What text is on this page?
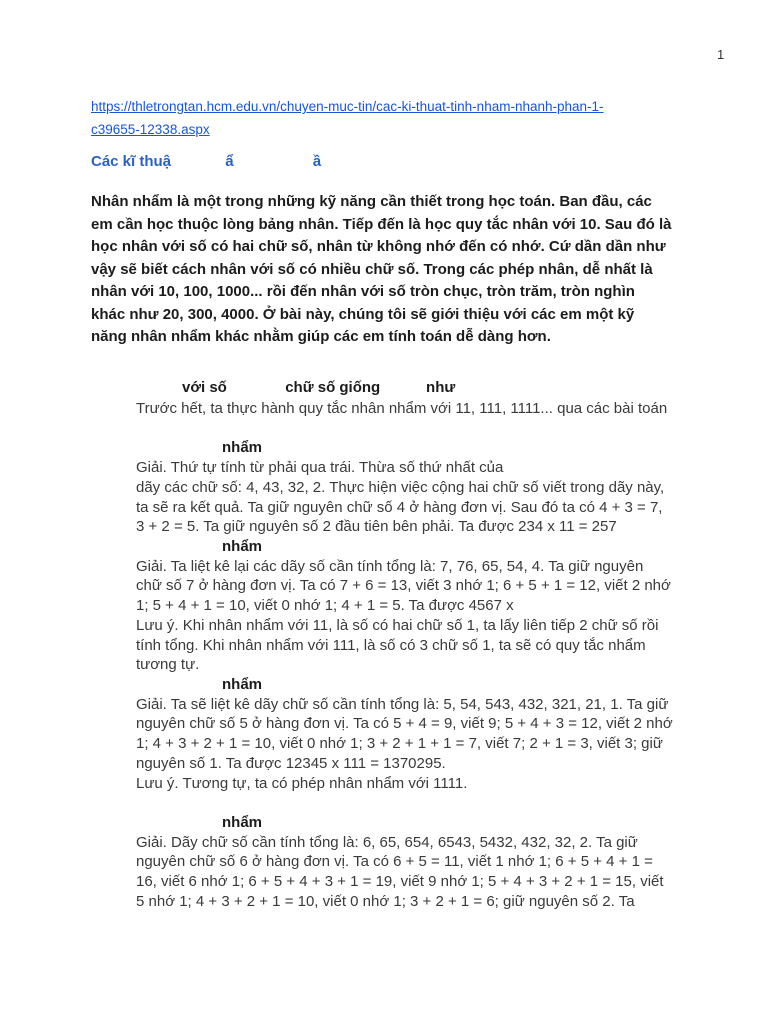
1
https://thletrongtan.hcm.edu.vn/chuyen-muc-tin/cac-ki-thuat-tinh-nham-nhanh-phan-1-
c39655-12338.aspx
Các kĩ thuậ             ẩ                   ầ
Nhân nhẩm là một trong những kỹ năng cần thiết trong học toán. Ban đầu, các
em cần học thuộc lòng bảng nhân. Tiếp đến là học quy tắc nhân với 10. Sau đó là
học nhân với số có hai chữ số, nhân từ không nhớ đến có nhớ. Cứ dần dần như
vậy sẽ biết cách nhân với số có nhiều chữ số. Trong các phép nhân, dễ nhất là
nhân với 10, 100, 1000... rồi đến nhân với số tròn chục, tròn trăm, tròn nghìn
khác như 20, 300, 4000. Ở bài này, chúng tôi sẽ giới thiệu với các em một kỹ
năng nhân nhẩm khác nhằm giúp các em tính toán dễ dàng hơn.
với số              chữ số giống           như
Trước hết, ta thực hành quy tắc nhân nhẩm với 11, 111, 1111... qua các bài toán
nhẩm
Giải. Thứ tự tính từ phải qua trái. Thừa số thứ nhất của
dãy các chữ số: 4, 43, 32, 2. Thực hiện việc cộng hai chữ số viết trong dãy này,
ta sẽ ra kết quả. Ta giữ nguyên chữ số 4 ở hàng đơn vị. Sau đó ta có 4 + 3 = 7,
3 + 2 = 5. Ta giữ nguyên số 2 đầu tiên bên phải. Ta được 234 x 11 = 257
nhẩm
Giải. Ta liệt kê lại các dãy số cần tính tổng là: 7, 76, 65, 54, 4. Ta giữ nguyên
chữ số 7 ở hàng đơn vị. Ta có 7 + 6 = 13, viết 3 nhớ 1; 6 + 5 + 1 = 12, viết 2 nhớ
1; 5 + 4 + 1 = 10, viết 0 nhớ 1; 4 + 1 = 5. Ta được 4567 x
Lưu ý. Khi nhân nhẩm với 11, là số có hai chữ số 1, ta lấy liên tiếp 2 chữ số rồi
tính tổng. Khi nhân nhẩm với 111, là số có 3 chữ số 1, ta sẽ có quy tắc nhẩm
tương tự.
nhẩm
Giải. Ta sẽ liệt kê dãy chữ số cần tính tổng là: 5, 54, 543, 432, 321, 21, 1. Ta giữ
nguyên chữ số 5 ở hàng đơn vị. Ta có 5 + 4 = 9, viết 9; 5 + 4 + 3 = 12, viết 2 nhớ
1; 4 + 3 + 2 + 1 = 10, viết 0 nhớ 1; 3 + 2 + 1 + 1 = 7, viết 7; 2 + 1 = 3, viết 3; giữ
nguyên số 1. Ta được 12345 x 111 = 1370295.
Lưu ý. Tương tự, ta có phép nhân nhẩm với 1111.
nhẩm
Giải. Dãy chữ số cần tính tổng là: 6, 65, 654, 6543, 5432, 432, 32, 2. Ta giữ
nguyên chữ số 6 ở hàng đơn vị. Ta có 6 + 5 = 11, viết 1 nhớ 1; 6 + 5 + 4 + 1 =
16, viết 6 nhớ 1; 6 + 5 + 4 + 3 + 1 = 19, viết 9 nhớ 1; 5 + 4 + 3 + 2 + 1 = 15, viết
5 nhớ 1; 4 + 3 + 2 + 1 = 10, viết 0 nhớ 1; 3 + 2 + 1 = 6; giữ nguyên số 2. Ta
